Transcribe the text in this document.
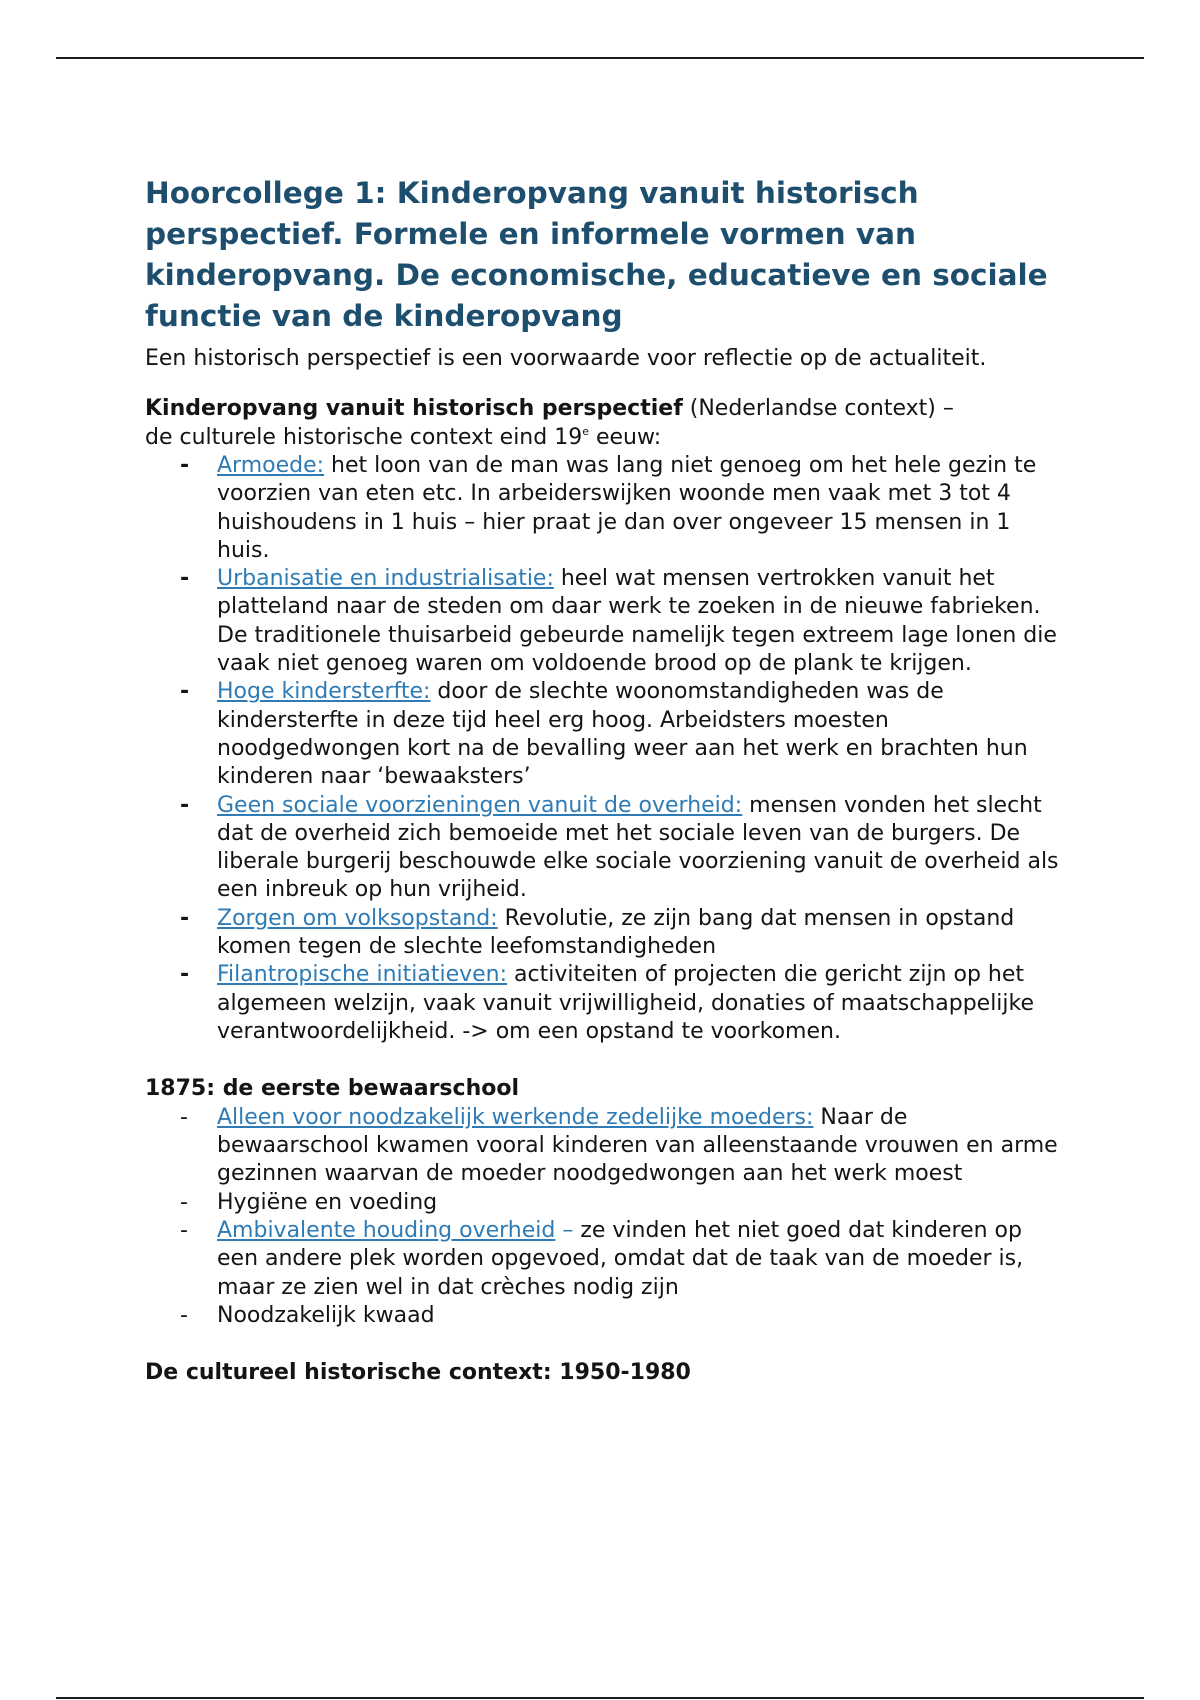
Hoorcollege 1: Kinderopvang vanuit historisch perspectief. Formele en informele vormen van kinderopvang. De economische, educatieve en sociale functie van de kinderopvang

Een historisch perspectief is een voorwaarde voor reflectie op de actualiteit.

Kinderopvang vanuit historisch perspectief (Nederlandse context) –
de culturele historische context eind 19e eeuw:

- Armoede: het loon van de man was lang niet genoeg om het hele gezin te voorzien van eten etc. In arbeiderswijken woonde men vaak met 3 tot 4 huishoudens in 1 huis – hier praat je dan over ongeveer 15 mensen in 1 huis.
- Urbanisatie en industrialisatie: heel wat mensen vertrokken vanuit het platteland naar de steden om daar werk te zoeken in de nieuwe fabrieken. De traditionele thuisarbeid gebeurde namelijk tegen extreem lage lonen die vaak niet genoeg waren om voldoende brood op de plank te krijgen.
- Hoge kindersterfte: door de slechte woonomstandigheden was de kindersterfte in deze tijd heel erg hoog. Arbeidsters moesten noodgedwongen kort na de bevalling weer aan het werk en brachten hun kinderen naar ‘bewaaksters’
- Geen sociale voorzieningen vanuit de overheid: mensen vonden het slecht dat de overheid zich bemoeide met het sociale leven van de burgers. De liberale burgerij beschouwde elke sociale voorziening vanuit de overheid als een inbreuk op hun vrijheid.
- Zorgen om volksopstand: Revolutie, ze zijn bang dat mensen in opstand komen tegen de slechte leefomstandigheden
- Filantropische initiatieven: activiteiten of projecten die gericht zijn op het algemeen welzijn, vaak vanuit vrijwilligheid, donaties of maatschappelijke verantwoordelijkheid. -> om een opstand te voorkomen.

1875: de eerste bewaarschool

- Alleen voor noodzakelijk werkende zedelijke moeders: Naar de bewaarschool kwamen vooral kinderen van alleenstaande vrouwen en arme gezinnen waarvan de moeder noodgedwongen aan het werk moest
- Hygiëne en voeding
- Ambivalente houding overheid – ze vinden het niet goed dat kinderen op een andere plek worden opgevoed, omdat dat de taak van de moeder is, maar ze zien wel in dat crèches nodig zijn
- Noodzakelijk kwaad

De cultureel historische context: 1950-1980
